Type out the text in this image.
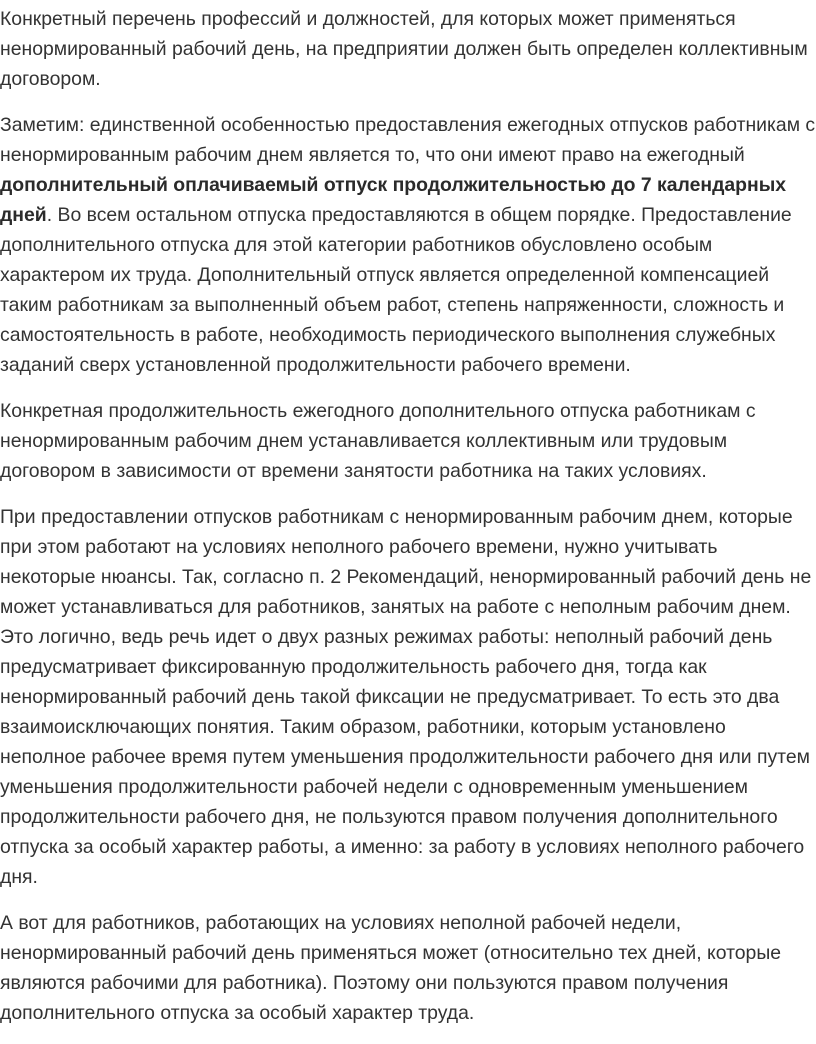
Конкретный перечень профессий и должностей, для которых может применяться ненормированный рабочий день, на предприятии должен быть определен коллективным договором.

Заметим: единственной особенностью предоставления ежегодных отпусков работникам с ненормированным рабочим днем является то, что они имеют право на ежегодный дополнительный оплачиваемый отпуск продолжительностью до 7 календарных дней. Во всем остальном отпуска предоставляются в общем порядке. Предоставление дополнительного отпуска для этой категории работников обусловлено особым характером их труда. Дополнительный отпуск является определенной компенсацией таким работникам за выполненный объем работ, степень напряженности, сложность и самостоятельность в работе, необходимость периодического выполнения служебных заданий сверх установленной продолжительности рабочего времени.

Конкретная продолжительность ежегодного дополнительного отпуска работникам с ненормированным рабочим днем устанавливается коллективным или трудовым договором в зависимости от времени занятости работника на таких условиях.

При предоставлении отпусков работникам с ненормированным рабочим днем, которые при этом работают на условиях неполного рабочего времени, нужно учитывать некоторые нюансы. Так, согласно п. 2 Рекомендаций, ненормированный рабочий день не может устанавливаться для работников, занятых на работе с неполным рабочим днем. Это логично, ведь речь идет о двух разных режимах работы: неполный рабочий день предусматривает фиксированную продолжительность рабочего дня, тогда как ненормированный рабочий день такой фиксации не предусматривает. То есть это два взаимоисключающих понятия. Таким образом, работники, которым установлено неполное рабочее время путем уменьшения продолжительности рабочего дня или путем уменьшения продолжительности рабочей недели с одновременным уменьшением продолжительности рабочего дня, не пользуются правом получения дополнительного отпуска за особый характер работы, а именно: за работу в условиях неполного рабочего дня.

А вот для работников, работающих на условиях неполной рабочей недели, ненормированный рабочий день применяться может (относительно тех дней, которые являются рабочими для работника). Поэтому они пользуются правом получения дополнительного отпуска за особый характер труда.
